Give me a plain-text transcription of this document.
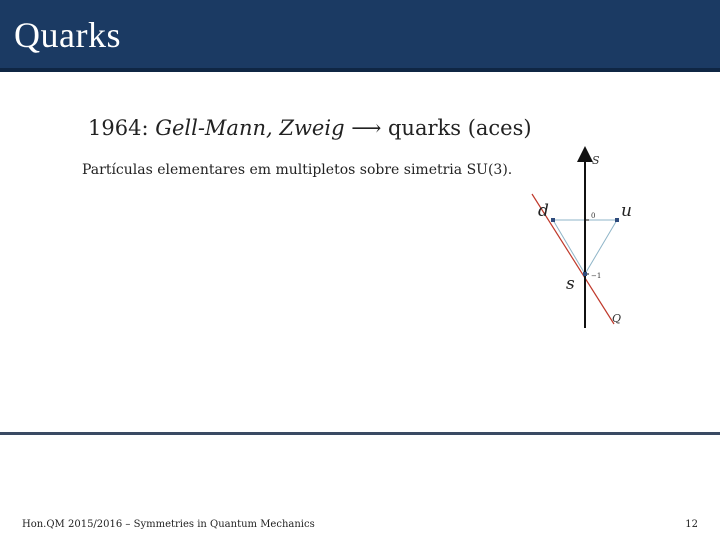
Quarks
1964: Gell-Mann, Zweig ⟶ quarks (aces)
Partículas elementares em multipletos sobre simetria SU(3).
S
0
−1
d	u
s
Q
Hon.QM 2015/2016 – Symmetries in Quantum Mechanics	12
